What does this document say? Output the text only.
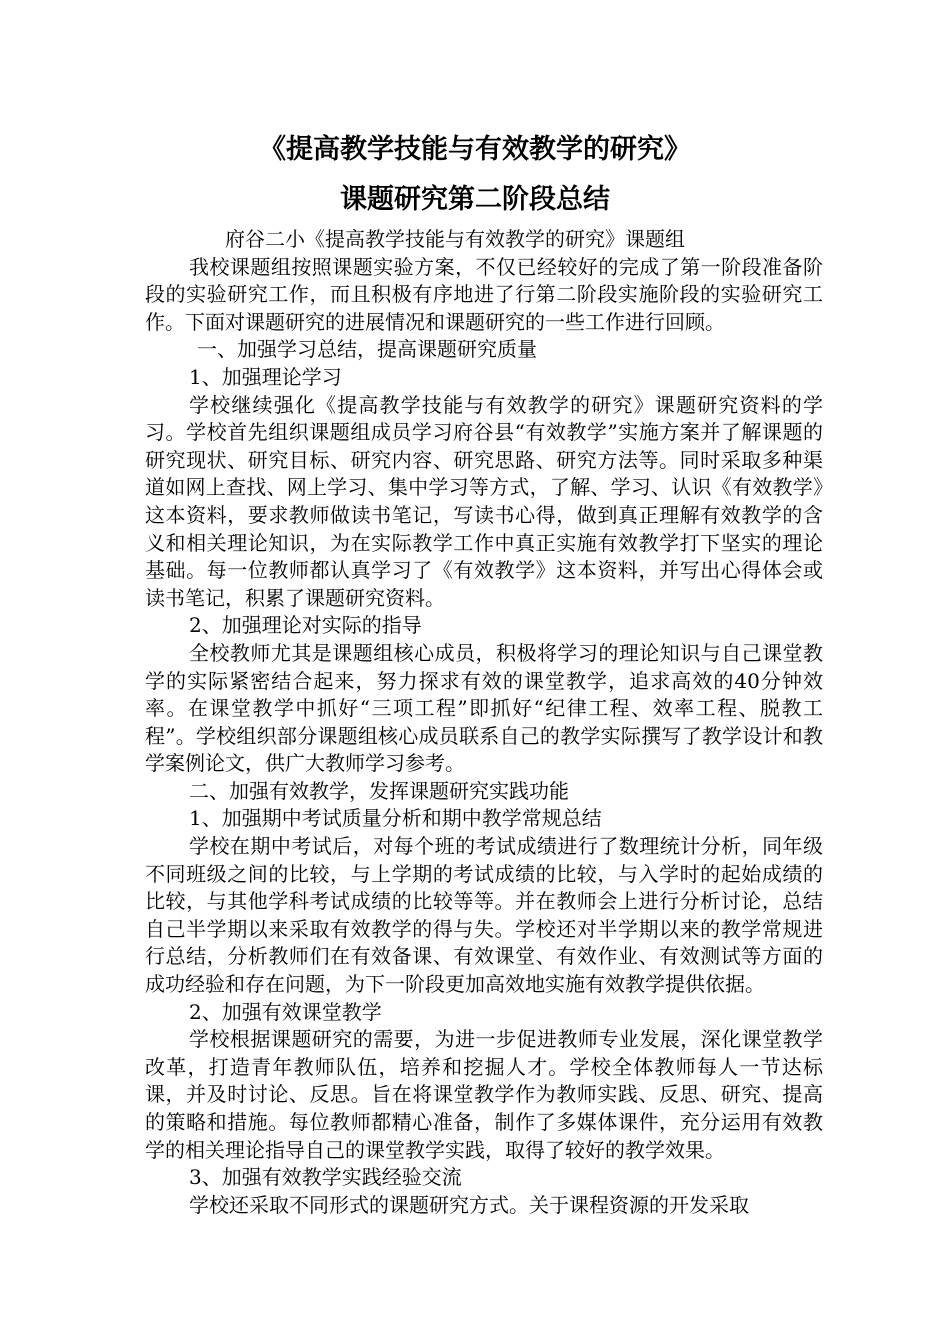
《提高教学技能与有效教学的研究》
课题研究第二阶段总结

府谷二小《提高教学技能与有效教学的研究》课题组

我校课题组按照课题实验方案，不仅已经较好的完成了第一阶段准备阶段的实验研究工作，而且积极有序地进了行第二阶段实施阶段的实验研究工作。下面对课题研究的进展情况和课题研究的一些工作进行回顾。

一、加强学习总结，提高课题研究质量

1、加强理论学习

学校继续强化《提高教学技能与有效教学的研究》课题研究资料的学习。学校首先组织课题组成员学习府谷县“有效教学”实施方案并了解课题的研究现状、研究目标、研究内容、研究思路、研究方法等。同时采取多种渠道如网上查找、网上学习、集中学习等方式，了解、学习、认识《有效教学》这本资料，要求教师做读书笔记，写读书心得，做到真正理解有效教学的含义和相关理论知识，为在实际教学工作中真正实施有效教学打下坚实的理论基础。每一位教师都认真学习了《有效教学》这本资料，并写出心得体会或读书笔记，积累了课题研究资料。

2、加强理论对实际的指导

全校教师尤其是课题组核心成员，积极将学习的理论知识与自己课堂教学的实际紧密结合起来，努力探求有效的课堂教学，追求高效的40分钟效率。在课堂教学中抓好“三项工程”即抓好“纪律工程、效率工程、脱教工程”。学校组织部分课题组核心成员联系自己的教学实际撰写了教学设计和教学案例论文，供广大教师学习参考。

二、加强有效教学，发挥课题研究实践功能

1、加强期中考试质量分析和期中教学常规总结

学校在期中考试后，对每个班的考试成绩进行了数理统计分析，同年级不同班级之间的比较，与上学期的考试成绩的比较，与入学时的起始成绩的比较，与其他学科考试成绩的比较等等。并在教师会上进行分析讨论，总结自己半学期以来采取有效教学的得与失。学校还对半学期以来的教学常规进行总结，分析教师们在有效备课、有效课堂、有效作业、有效测试等方面的成功经验和存在问题，为下一阶段更加高效地实施有效教学提供依据。

2、加强有效课堂教学

学校根据课题研究的需要，为进一步促进教师专业发展，深化课堂教学改革，打造青年教师队伍，培养和挖掘人才。学校全体教师每人一节达标课，并及时讨论、反思。旨在将课堂教学作为教师实践、反思、研究、提高的策略和措施。每位教师都精心准备，制作了多媒体课件，充分运用有效教学的相关理论指导自己的课堂教学实践，取得了较好的教学效果。

3、加强有效教学实践经验交流

学校还采取不同形式的课题研究方式。关于课程资源的开发采取
